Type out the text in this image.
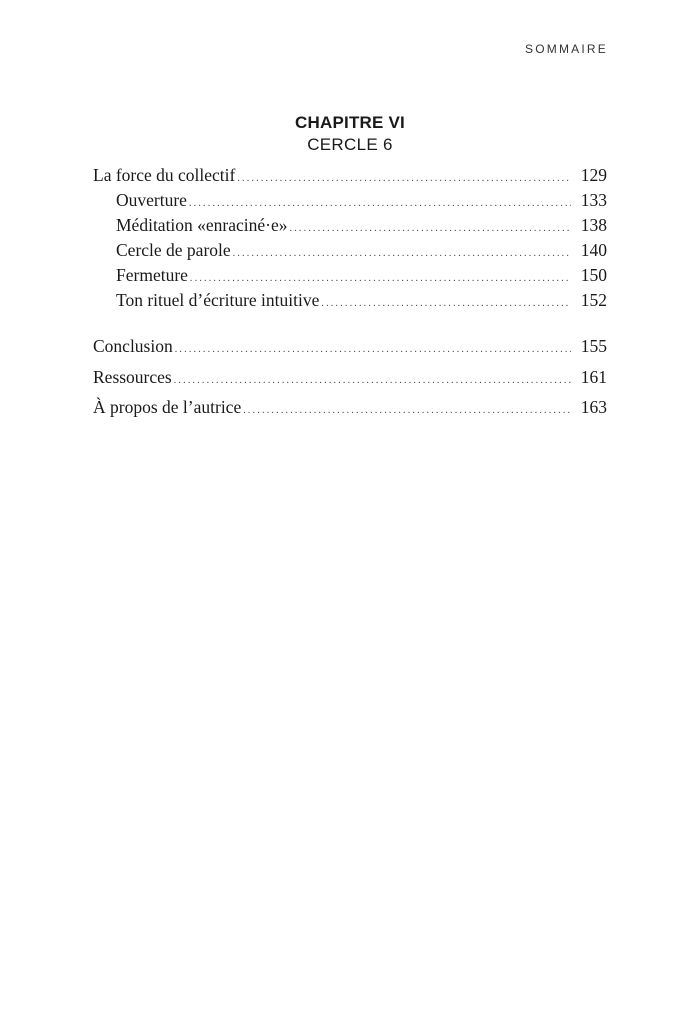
SOMMAIRE
CHAPITRE VI
CERCLE 6
La force du collectif .....	129
Ouverture .....	133
Méditation «enraciné·e» .....	138
Cercle de parole .....	140
Fermeture .....	150
Ton rituel d’écriture intuitive .....	152
Conclusion .....	155
Ressources .....	161
À propos de l’autrice .....	163
